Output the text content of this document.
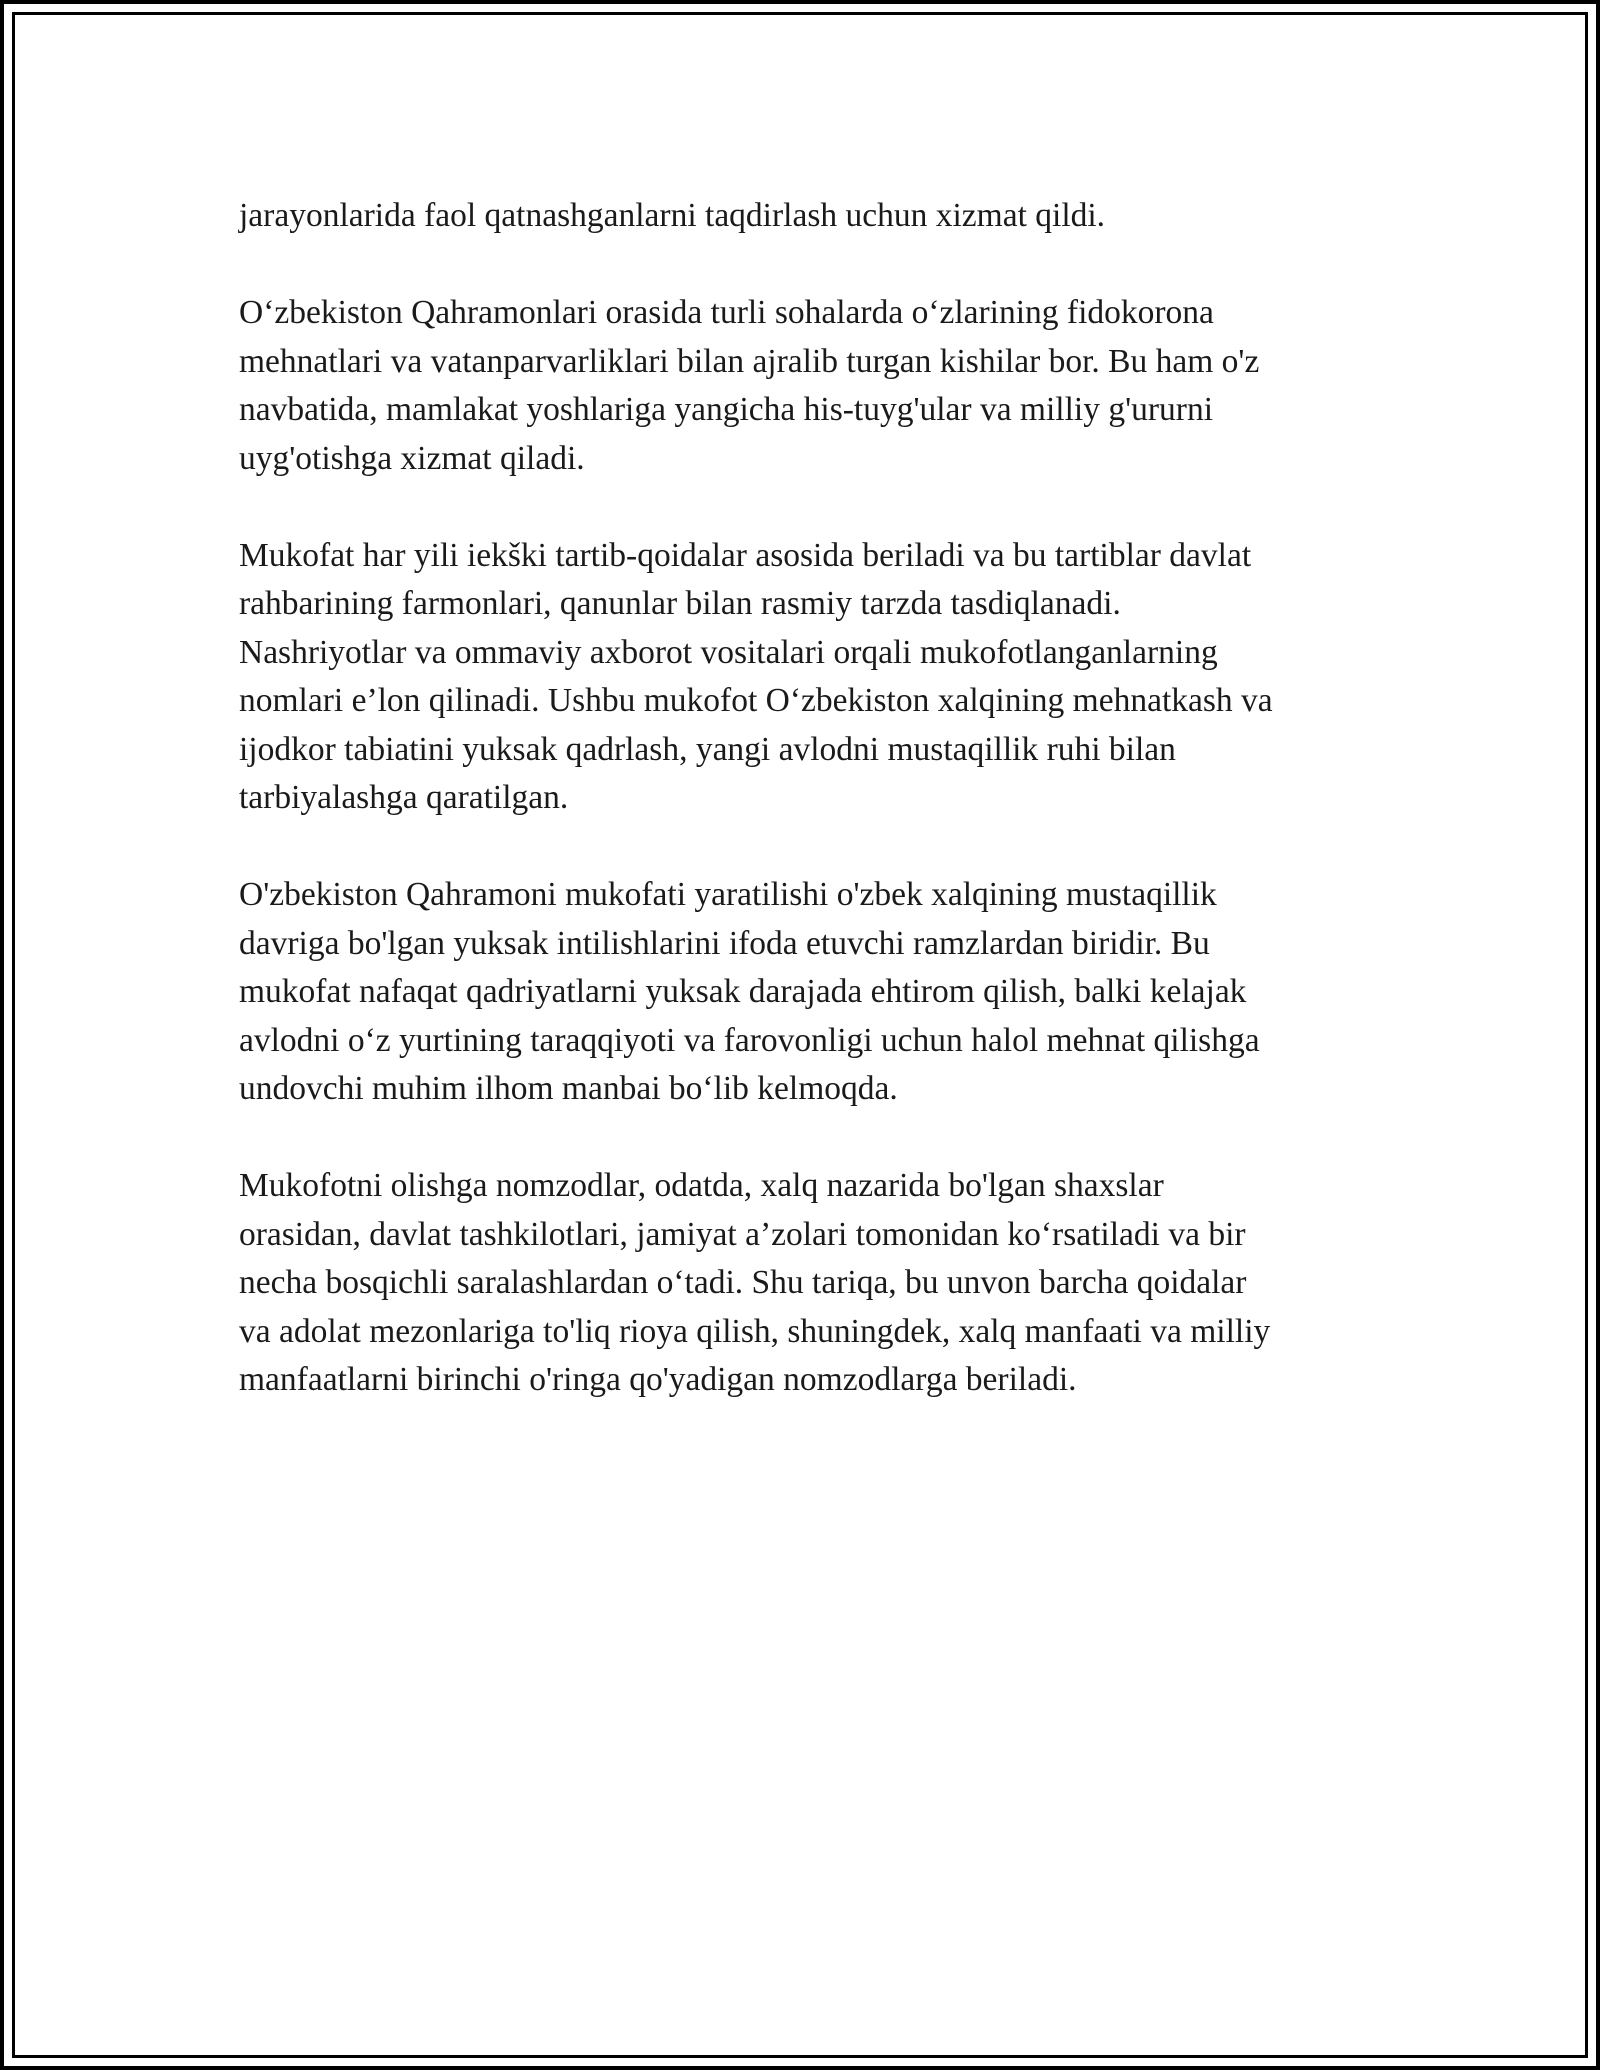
jarayonlarida faol qatnashganlarni taqdirlash uchun xizmat qildi.

O‘zbekiston Qahramonlari orasida turli sohalarda o‘zlarining fidokorona
mehnatlari va vatanparvarliklari bilan ajralib turgan kishilar bor. Bu ham o'z
navbatida, mamlakat yoshlariga yangicha his-tuyg'ular va milliy g'ururni
uyg'otishga xizmat qiladi.

Mukofat har yili iekški tartib-qoidalar asosida beriladi va bu tartiblar davlat
rahbarining farmonlari, qanunlar bilan rasmiy tarzda tasdiqlanadi.
Nashriyotlar va ommaviy axborot vositalari orqali mukofotlanganlarning
nomlari e’lon qilinadi. Ushbu mukofot O‘zbekiston xalqining mehnatkash va
ijodkor tabiatini yuksak qadrlash, yangi avlodni mustaqillik ruhi bilan
tarbiyalashga qaratilgan.

O'zbekiston Qahramoni mukofati yaratilishi o'zbek xalqining mustaqillik
davriga bo'lgan yuksak intilishlarini ifoda etuvchi ramzlardan biridir. Bu
mukofat nafaqat qadriyatlarni yuksak darajada ehtirom qilish, balki kelajak
avlodni o‘z yurtining taraqqiyoti va farovonligi uchun halol mehnat qilishga
undovchi muhim ilhom manbai bo‘lib kelmoqda.

Mukofotni olishga nomzodlar, odatda, xalq nazarida bo'lgan shaxslar
orasidan, davlat tashkilotlari, jamiyat a’zolari tomonidan ko‘rsatiladi va bir
necha bosqichli saralashlardan o‘tadi. Shu tariqa, bu unvon barcha qoidalar
va adolat mezonlariga to'liq rioya qilish, shuningdek, xalq manfaati va milliy
manfaatlarni birinchi o'ringa qo'yadigan nomzodlarga beriladi.
